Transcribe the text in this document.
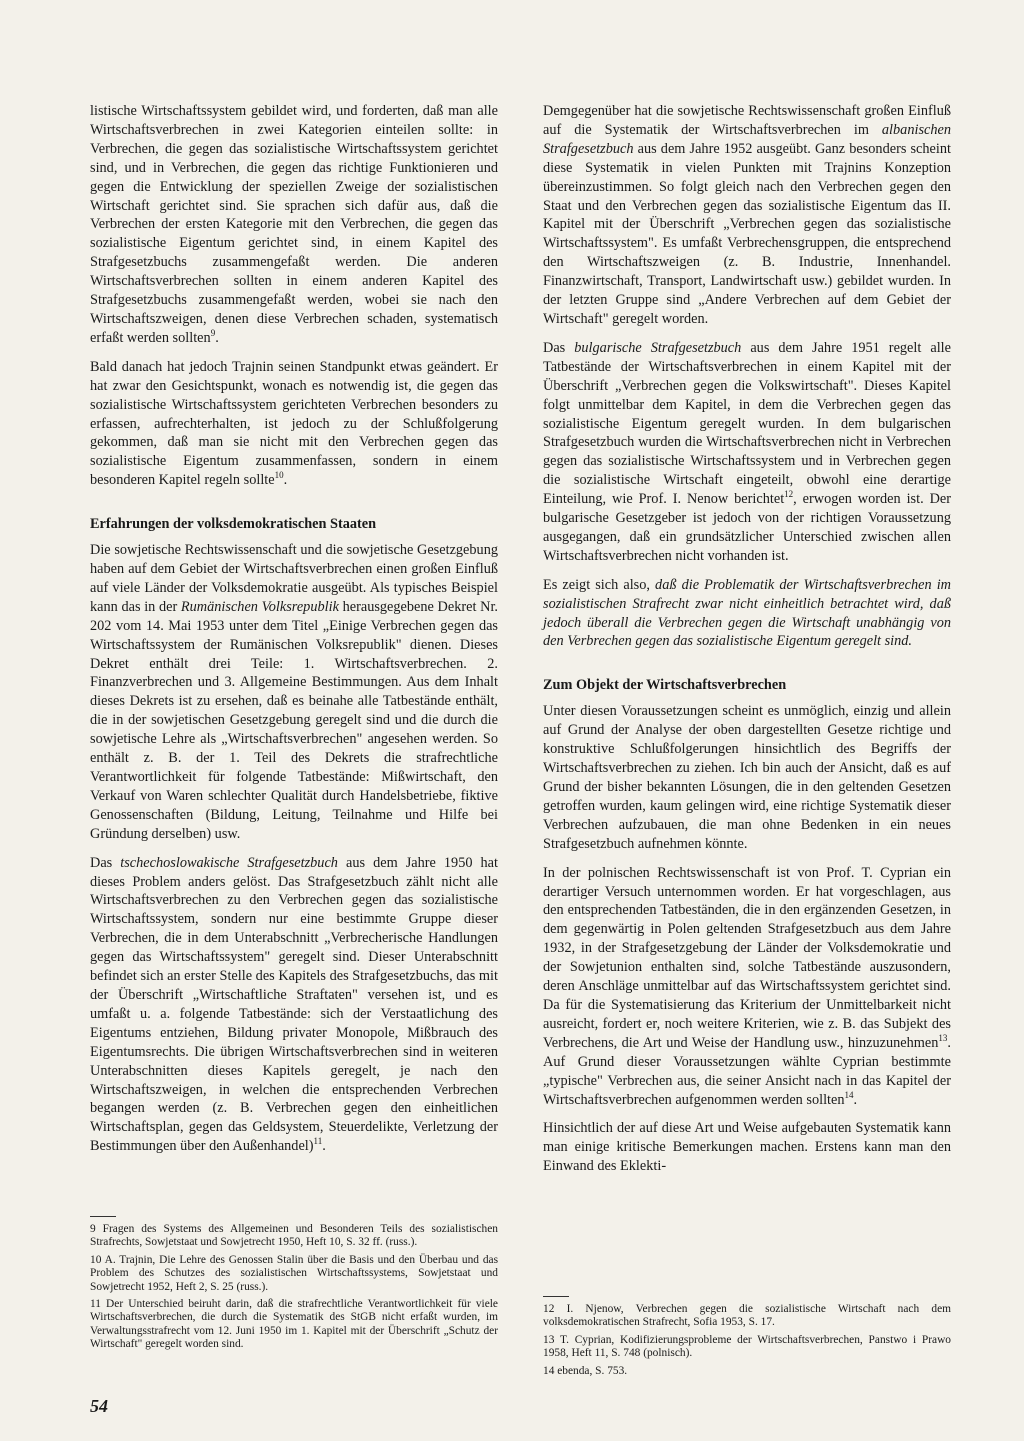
listische Wirtschaftssystem gebildet wird, und forderten, daß man alle Wirtschaftsverbrechen in zwei Kategorien einteilen sollte: in Verbrechen, die gegen das sozialistische Wirtschaftssystem gerichtet sind, und in Verbrechen, die gegen das richtige Funktionieren und gegen die Entwicklung der speziellen Zweige der sozialistischen Wirtschaft gerichtet sind. Sie sprachen sich dafür aus, daß die Verbrechen der ersten Kategorie mit den Verbrechen, die gegen das sozialistische Eigentum gerichtet sind, in einem Kapitel des Strafgesetzbuchs zusammengefaßt werden. Die anderen Wirtschaftsverbrechen sollten in einem anderen Kapitel des Strafgesetzbuchs zusammengefaßt werden, wobei sie nach den Wirtschaftszweigen, denen diese Verbrechen schaden, systematisch erfaßt werden sollten$^9$.

Bald danach hat jedoch Trajnin seinen Standpunkt etwas geändert. Er hat zwar den Gesichtspunkt, wonach es notwendig ist, die gegen das sozialistische Wirtschaftssystem gerichteten Verbrechen besonders zu erfassen, aufrechterhalten, ist jedoch zu der Schlußfolgerung gekommen, daß man sie nicht mit den Verbrechen gegen das sozialistische Eigentum zusammenfassen, sondern in einem besonderen Kapitel regeln sollte$^{10}$.

Erfahrungen der volksdemokratischen Staaten

Die sowjetische Rechtswissenschaft und die sowjetische Gesetzgebung haben auf dem Gebiet der Wirtschaftsverbrechen einen großen Einfluß auf viele Länder der Volksdemokratie ausgeübt. Als typisches Beispiel kann das in der Rumänischen Volksrepublik herausgegebene Dekret Nr. 202 vom 14. Mai 1953 unter dem Titel „Einige Verbrechen gegen das Wirtschaftssystem der Rumänischen Volksrepublik" dienen. Dieses Dekret enthält drei Teile: 1. Wirtschaftsverbrechen. 2. Finanzverbrechen und 3. Allgemeine Bestimmungen. Aus dem Inhalt dieses Dekrets ist zu ersehen, daß es beinahe alle Tatbestände enthält, die in der sowjetischen Gesetzgebung geregelt sind und die durch die sowjetische Lehre als „Wirtschaftsverbrechen" angesehen werden. So enthält z. B. der 1. Teil des Dekrets die strafrechtliche Verantwortlichkeit für folgende Tatbestände: Mißwirtschaft, den Verkauf von Waren schlechter Qualität durch Handelsbetriebe, fiktive Genossenschaften (Bildung, Leitung, Teilnahme und Hilfe bei Gründung derselben) usw.

Das tschechoslowakische Strafgesetzbuch aus dem Jahre 1950 hat dieses Problem anders gelöst. Das Strafgesetzbuch zählt nicht alle Wirtschaftsverbrechen zu den Verbrechen gegen das sozialistische Wirtschaftssystem, sondern nur eine bestimmte Gruppe dieser Verbrechen, die in dem Unterabschnitt „Verbrecherische Handlungen gegen das Wirtschaftssystem" geregelt sind. Dieser Unterabschnitt befindet sich an erster Stelle des Kapitels des Strafgesetzbuchs, das mit der Überschrift „Wirtschaftliche Straftaten" versehen ist, und es umfaßt u. a. folgende Tatbestände: sich der Verstaatlichung des Eigentums entziehen, Bildung privater Monopole, Mißbrauch des Eigentumsrechts. Die übrigen Wirtschaftsverbrechen sind in weiteren Unterabschnitten dieses Kapitels geregelt, je nach den Wirtschaftszweigen, in welchen die entsprechenden Verbrechen begangen werden (z. B. Verbrechen gegen den einheitlichen Wirtschaftsplan, gegen das Geldsystem, Steuerdelikte, Verletzung der Bestimmungen über den Außenhandel)$^{11}$.

Demgegenüber hat die sowjetische Rechtswissenschaft großen Einfluß auf die Systematik der Wirtschaftsverbrechen im albanischen Strafgesetzbuch aus dem Jahre 1952 ausgeübt. Ganz besonders scheint diese Systematik in vielen Punkten mit Trajnins Konzeption übereinzustimmen. So folgt gleich nach den Verbrechen gegen den Staat und den Verbrechen gegen das sozialistische Eigentum das II. Kapitel mit der Überschrift „Verbrechen gegen das sozialistische Wirtschaftssystem". Es umfaßt Verbrechensgruppen, die entsprechend den Wirtschaftszweigen (z. B. Industrie, Innenhandel. Finanzwirtschaft, Transport, Landwirtschaft usw.) gebildet wurden. In der letzten Gruppe sind „Andere Verbrechen auf dem Gebiet der Wirtschaft" geregelt worden.

Das bulgarische Strafgesetzbuch aus dem Jahre 1951 regelt alle Tatbestände der Wirtschaftsverbrechen in einem Kapitel mit der Überschrift „Verbrechen gegen die Volkswirtschaft". Dieses Kapitel folgt unmittelbar dem Kapitel, in dem die Verbrechen gegen das sozialistische Eigentum geregelt wurden. In dem bulgarischen Strafgesetzbuch wurden die Wirtschaftsverbrechen nicht in Verbrechen gegen das sozialistische Wirtschaftssystem und in Verbrechen gegen die sozialistische Wirtschaft eingeteilt, obwohl eine derartige Einteilung, wie Prof. I. Nenow berichtet$^{12}$, erwogen worden ist. Der bulgarische Gesetzgeber ist jedoch von der richtigen Voraussetzung ausgegangen, daß ein grundsätzlicher Unterschied zwischen allen Wirtschaftsverbrechen nicht vorhanden ist.

Es zeigt sich also, daß die Problematik der Wirtschaftsverbrechen im sozialistischen Strafrecht zwar nicht einheitlich betrachtet wird, daß jedoch überall die Verbrechen gegen die Wirtschaft unabhängig von den Verbrechen gegen das sozialistische Eigentum geregelt sind.

Zum Objekt der Wirtschaftsverbrechen

Unter diesen Voraussetzungen scheint es unmöglich, einzig und allein auf Grund der Analyse der oben dargestellten Gesetze richtige und konstruktive Schlußfolgerungen hinsichtlich des Begriffs der Wirtschaftsverbrechen zu ziehen. Ich bin auch der Ansicht, daß es auf Grund der bisher bekannten Lösungen, die in den geltenden Gesetzen getroffen wurden, kaum gelingen wird, eine richtige Systematik dieser Verbrechen aufzubauen, die man ohne Bedenken in ein neues Strafgesetzbuch aufnehmen könnte.

In der polnischen Rechtswissenschaft ist von Prof. T. Cyprian ein derartiger Versuch unternommen worden. Er hat vorgeschlagen, aus den entsprechenden Tatbeständen, die in den ergänzenden Gesetzen, in dem gegenwärtig in Polen geltenden Strafgesetzbuch aus dem Jahre 1932, in der Strafgesetzgebung der Länder der Volksdemokratie und der Sowjetunion enthalten sind, solche Tatbestände auszusondern, deren Anschläge unmittelbar auf das Wirtschaftssystem gerichtet sind. Da für die Systematisierung das Kriterium der Unmittelbarkeit nicht ausreicht, fordert er, noch weitere Kriterien, wie z. B. das Subjekt des Verbrechens, die Art und Weise der Handlung usw., hinzuzunehmen$^{13}$. Auf Grund dieser Voraussetzungen wählte Cyprian bestimmte „typische" Verbrechen aus, die seiner Ansicht nach in das Kapitel der Wirtschaftsverbrechen aufgenommen werden sollten$^{14}$.

Hinsichtlich der auf diese Art und Weise aufgebauten Systematik kann man einige kritische Bemerkungen machen. Erstens kann man den Einwand des Eklekti-

9 Fragen des Systems des Allgemeinen und Besonderen Teils des sozialistischen Strafrechts, Sowjetstaat und Sowjetrecht 1950, Heft 10, S. 32 ff. (russ.).

10 A. Trajnin, Die Lehre des Genossen Stalin über die Basis und den Überbau und das Problem des Schutzes des sozialistischen Wirtschaftssystems, Sowjetstaat und Sowjetrecht 1952, Heft 2, S. 25 (russ.).

11 Der Unterschied beiruht darin, daß die strafrechtliche Verantwortlichkeit für viele Wirtschaftsverbrechen, die durch die Systematik des StGB nicht erfaßt wurden, im Verwaltungsstrafrecht vom 12. Juni 1950 im 1. Kapitel mit der Überschrift „Schutz der Wirtschaft" geregelt worden sind.

12 I. Njenow, Verbrechen gegen die sozialistische Wirtschaft nach dem volksdemokratischen Strafrecht, Sofia 1953, S. 17.

13 T. Cyprian, Kodifizierungsprobleme der Wirtschaftsverbrechen, Panstwo i Prawo 1958, Heft 11, S. 748 (polnisch).

14 ebenda, S. 753.

54
